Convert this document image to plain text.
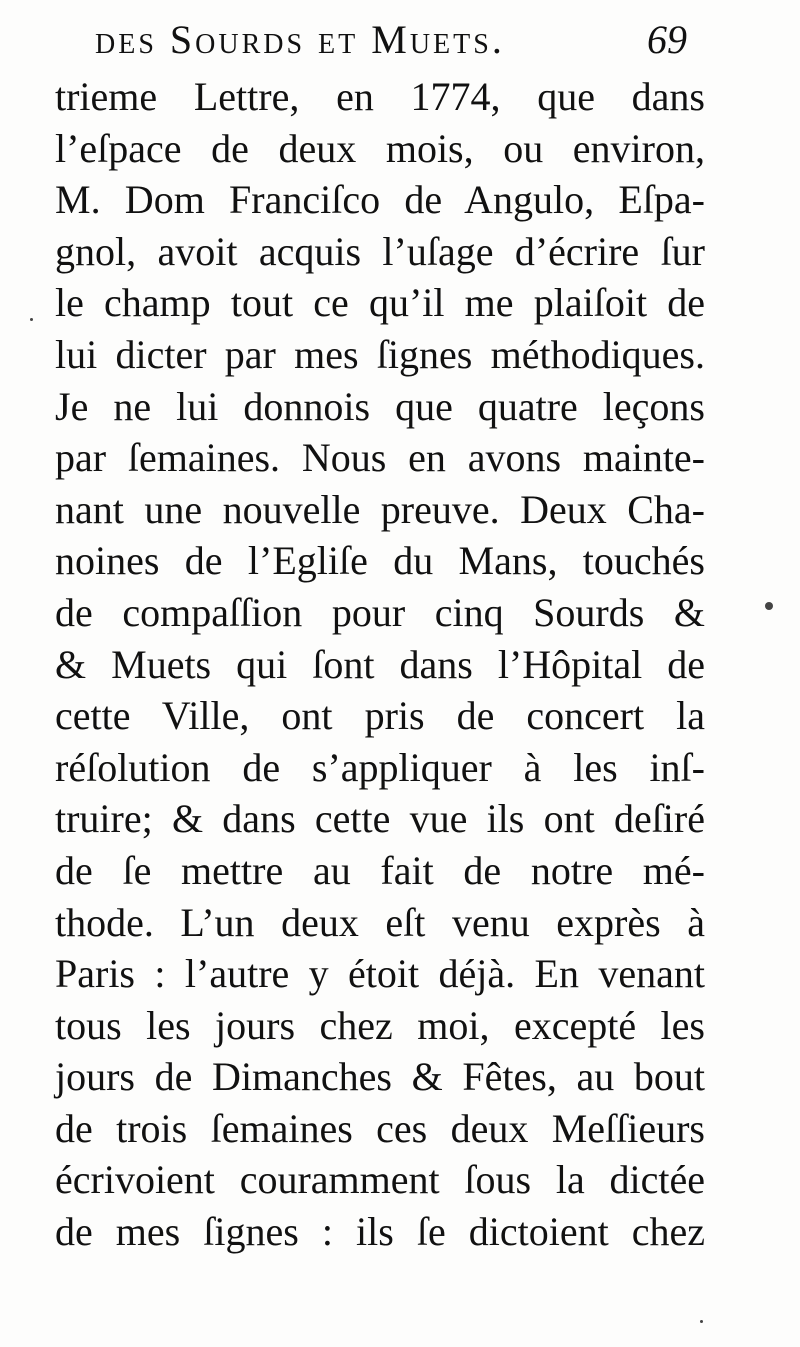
des Sourds et Muets.	69
trieme Lettre, en 1774, que dans
l’eſpace de deux mois, ou environ,
M. Dom Franciſco de Angulo, Eſpa-
gnol, avoit acquis l’uſage d’écrire ſur
le champ tout ce qu’il me plaiſoit de
lui dicter par mes ſignes méthodiques.
Je ne lui donnois que quatre leçons
par ſemaines. Nous en avons mainte-
nant une nouvelle preuve. Deux Cha-
noines de l’Egliſe du Mans, touchés
de compaſſion pour cinq Sourds &
& Muets qui ſont dans l’Hôpital de
cette Ville, ont pris de concert la
réſolution de s’appliquer à les inſ-
truire; & dans cette vue ils ont deſiré
de ſe mettre au fait de notre mé-
thode. L’un deux eſt venu exprès à
Paris : l’autre y étoit déjà. En venant
tous les jours chez moi, excepté les
jours de Dimanches & Fêtes, au bout
de trois ſemaines ces deux Meſſieurs
écrivoient couramment ſous la dictée
de mes ſignes : ils ſe dictoient chez
